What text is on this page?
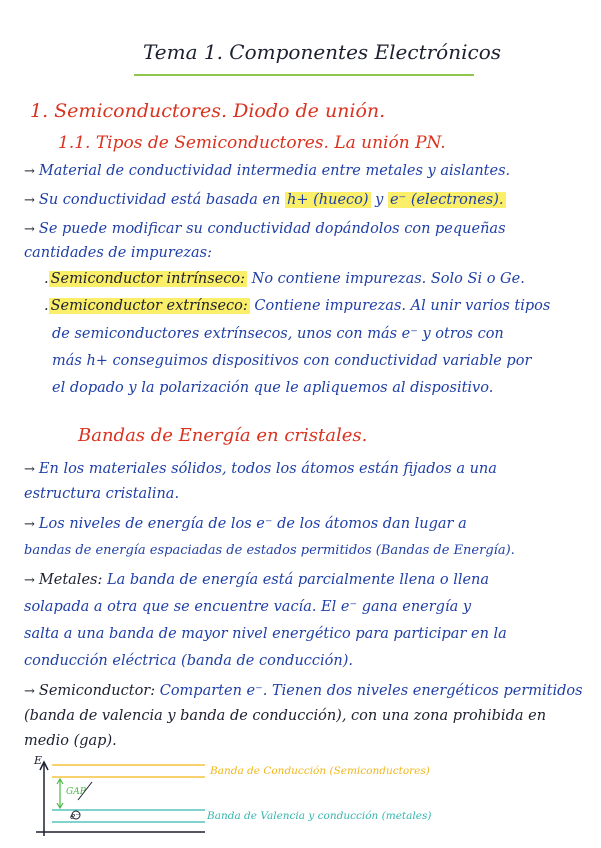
Tema 1. Componentes Electrónicos
1. Semiconductores. Diodo de unión.
1.1. Tipos de Semiconductores. La unión PN.
→ Material de conductividad intermedia entre metales y aislantes.
→ Su conductividad está basada en h+ (hueco) y e⁻ (electrones).
→ Se puede modificar su conductividad dopándolos con pequeñas
cantidades de impurezas:
. Semiconductor intrínseco: No contiene impurezas. Solo Si o Ge.
. Semiconductor extrínseco: Contiene impurezas. Al unir varios tipos
de semiconductores extrínsecos, unos con más e⁻ y otros con
más h+ conseguimos dispositivos con conductividad variable por
el dopado y la polarización que le apliquemos al dispositivo.
Bandas de Energía en cristales.
→ En los materiales sólidos, todos los átomos están fijados a una
estructura cristalina.
→ Los niveles de energía de los e⁻ de los átomos dan lugar a
bandas de energía espaciadas de estados permitidos (Bandas de Energía).
→ Metales: La banda de energía está parcialmente llena o llena
solapada a otra que se encuentre vacía. El e⁻ gana energía y
salta a una banda de mayor nivel energético para participar en la
conducción eléctrica (banda de conducción).
→ Semiconductor: Comparten e⁻. Tienen dos niveles energéticos permitidos
(banda de valencia y banda de conducción), con una zona prohibida en
medio (gap).
E
GAP
e⁻
Banda de Conducción (Semiconductores)
Banda de Valencia y conducción (metales)
